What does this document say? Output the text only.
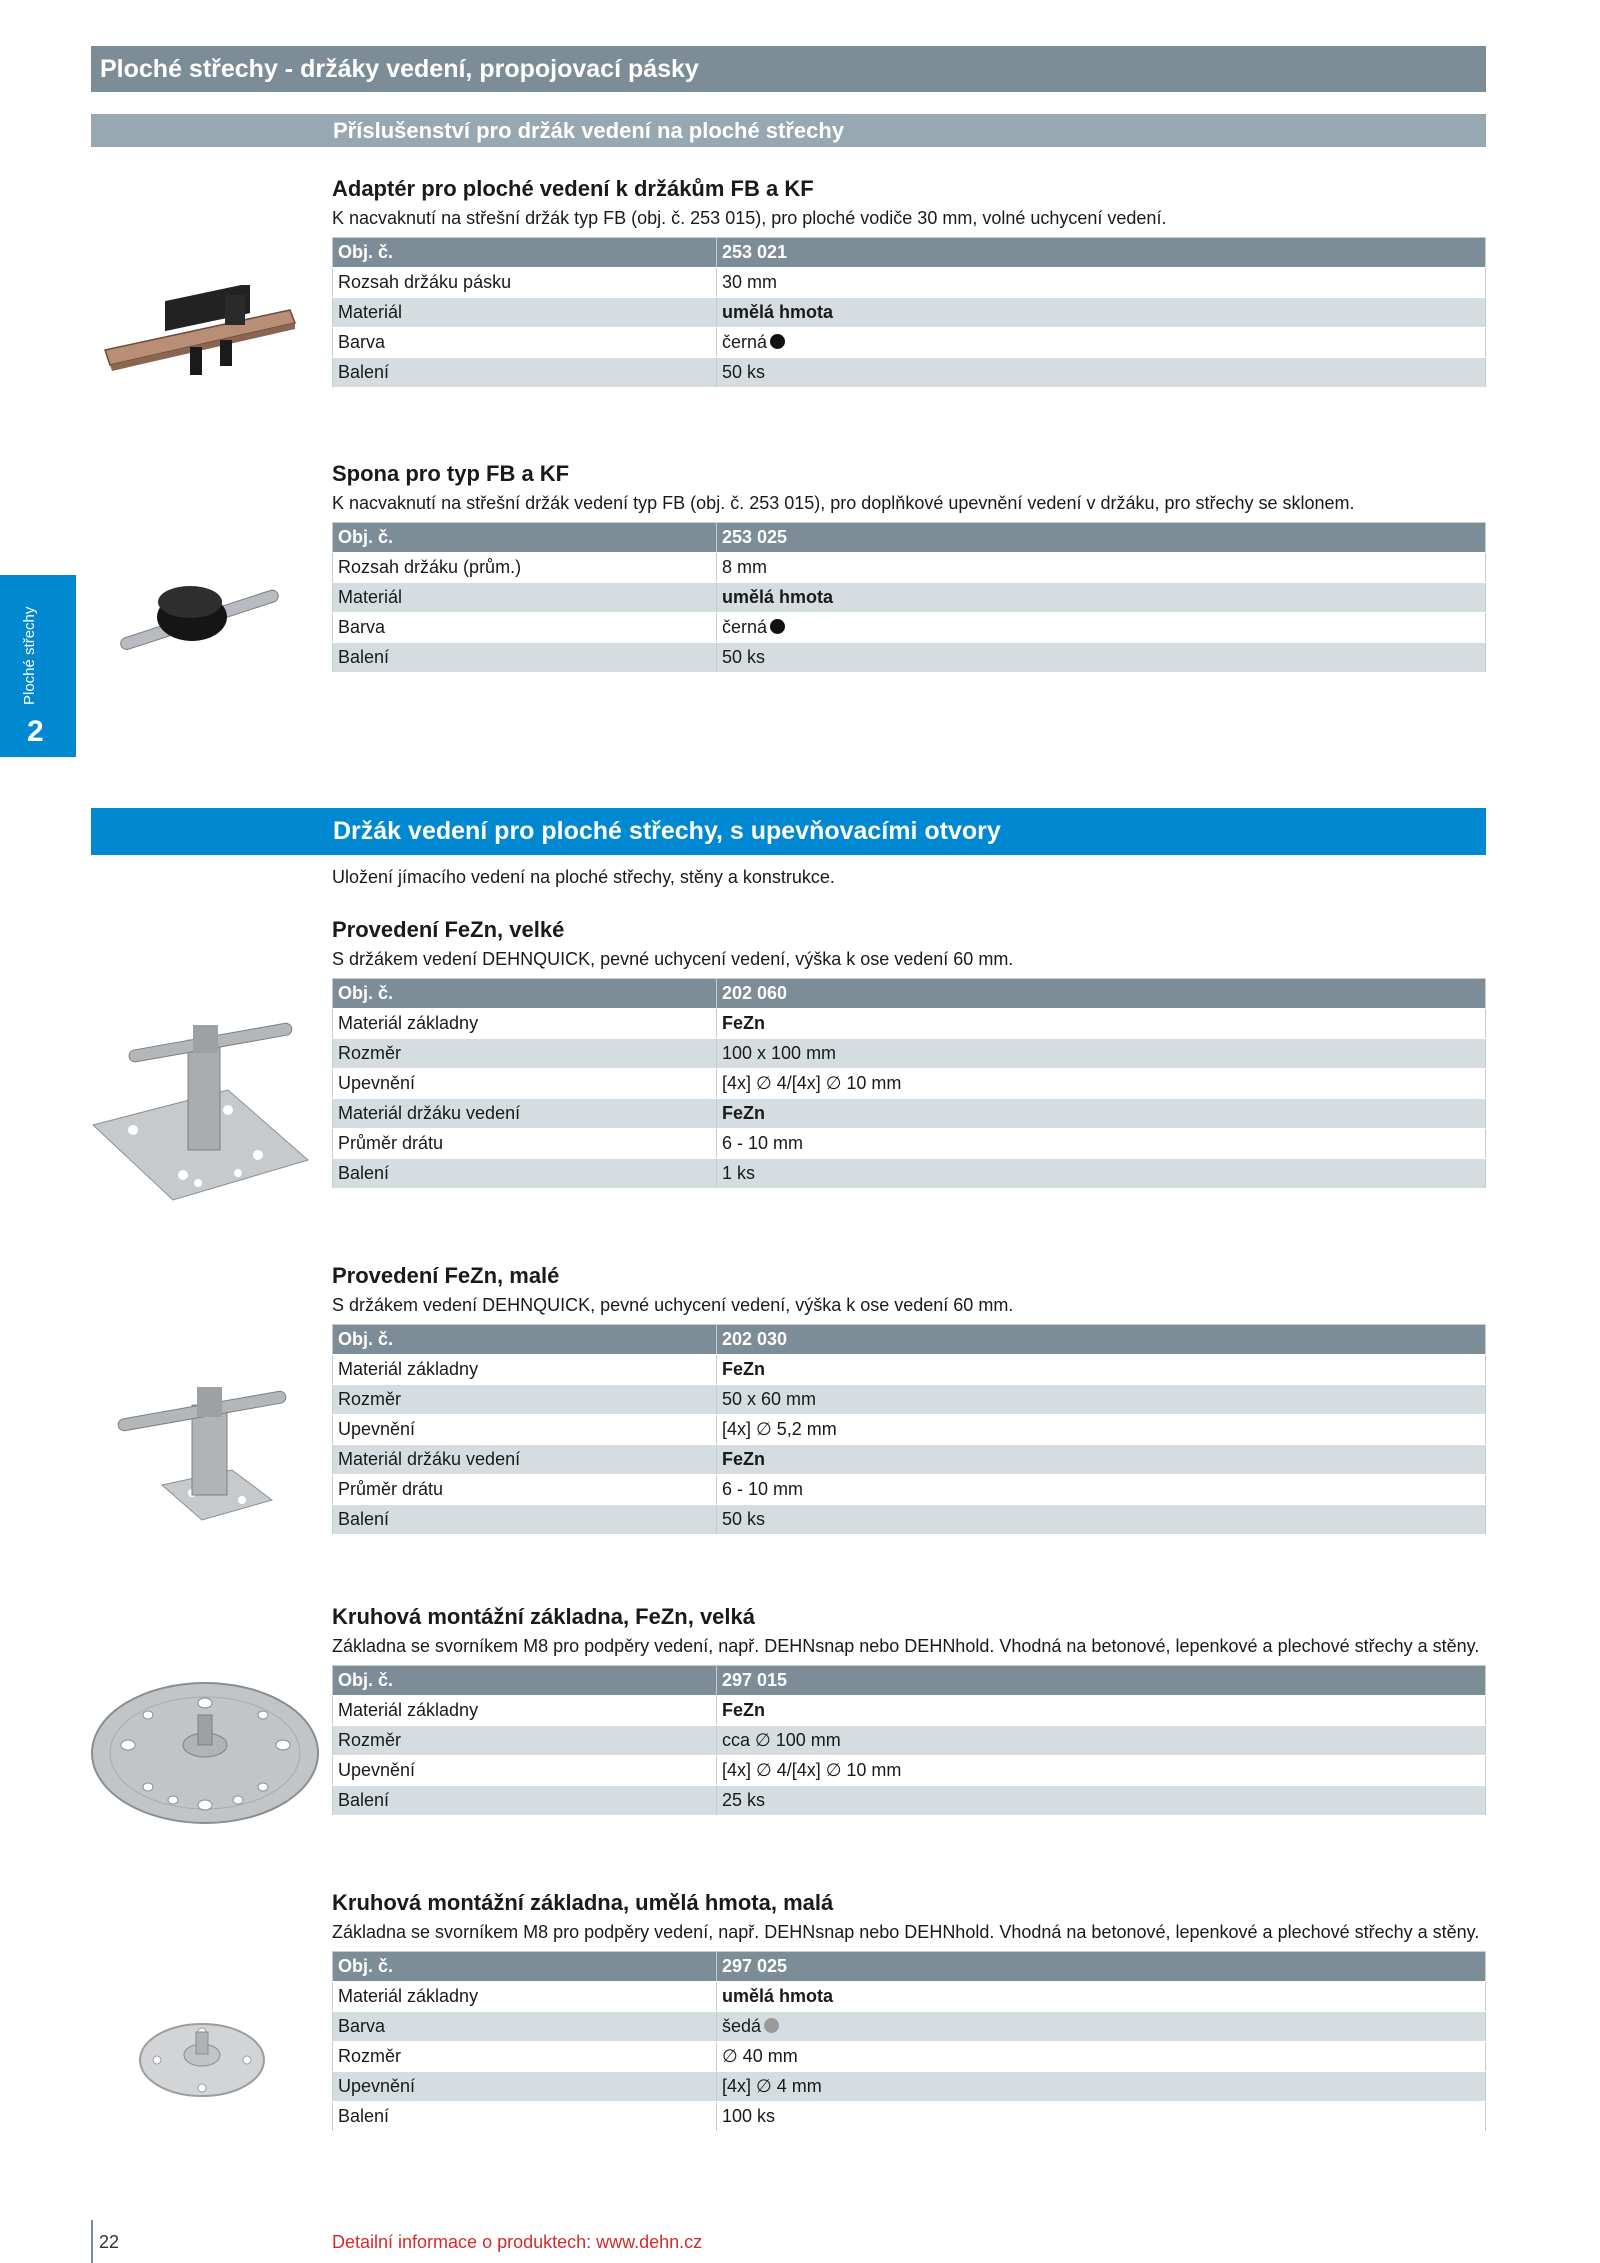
Ploché střechy - držáky vedení, propojovací pásky
Příslušenství pro držák vedení na ploché střechy
Ploché střechy
2
Adaptér pro ploché vedení k držákům FB a KF
K nacvaknutí na střešní držák typ FB (obj. č. 253 015), pro ploché vodiče 30 mm, volné uchycení vedení.
Obj. č.	253 021
Rozsah držáku pásku	30 mm
Materiál	umělá hmota
Barva	černá
Balení	50 ks
Spona pro typ FB a KF
K nacvaknutí na střešní držák vedení typ FB (obj. č. 253 015), pro doplňkové upevnění vedení v držáku, pro střechy se sklonem.
Obj. č.	253 025
Rozsah držáku (prům.)	8 mm
Materiál	umělá hmota
Barva	černá
Balení	50 ks
Držák vedení pro ploché střechy, s upevňovacími otvory
Uložení jímacího vedení na ploché střechy, stěny a konstrukce.
Provedení FeZn, velké
S držákem vedení DEHNQUICK, pevné uchycení vedení, výška k ose vedení 60 mm.
Obj. č.	202 060
Materiál základny	FeZn
Rozměr	100 x 100 mm
Upevnění	[4x] ∅ 4/[4x] ∅ 10 mm
Materiál držáku vedení	FeZn
Průměr drátu	6 - 10 mm
Balení	1 ks
Provedení FeZn, malé
S držákem vedení DEHNQUICK, pevné uchycení vedení, výška k ose vedení 60 mm.
Obj. č.	202 030
Materiál základny	FeZn
Rozměr	50 x 60 mm
Upevnění	[4x] ∅ 5,2 mm
Materiál držáku vedení	FeZn
Průměr drátu	6 - 10 mm
Balení	50 ks
Kruhová montážní základna, FeZn, velká
Základna se svorníkem M8 pro podpěry vedení, např. DEHNsnap nebo DEHNhold. Vhodná na betonové, lepenkové a plechové střechy a stěny.
Obj. č.	297 015
Materiál základny	FeZn
Rozměr	cca ∅ 100 mm
Upevnění	[4x] ∅ 4/[4x] ∅ 10 mm
Balení	25 ks
Kruhová montážní základna, umělá hmota, malá
Základna se svorníkem M8 pro podpěry vedení, např. DEHNsnap nebo DEHNhold. Vhodná na betonové, lepenkové a plechové střechy a stěny.
Obj. č.	297 025
Materiál základny	umělá hmota
Barva	šedá
Rozměr	∅ 40 mm
Upevnění	[4x] ∅ 4 mm
Balení	100 ks
22	Detailní informace o produktech: www.dehn.cz
